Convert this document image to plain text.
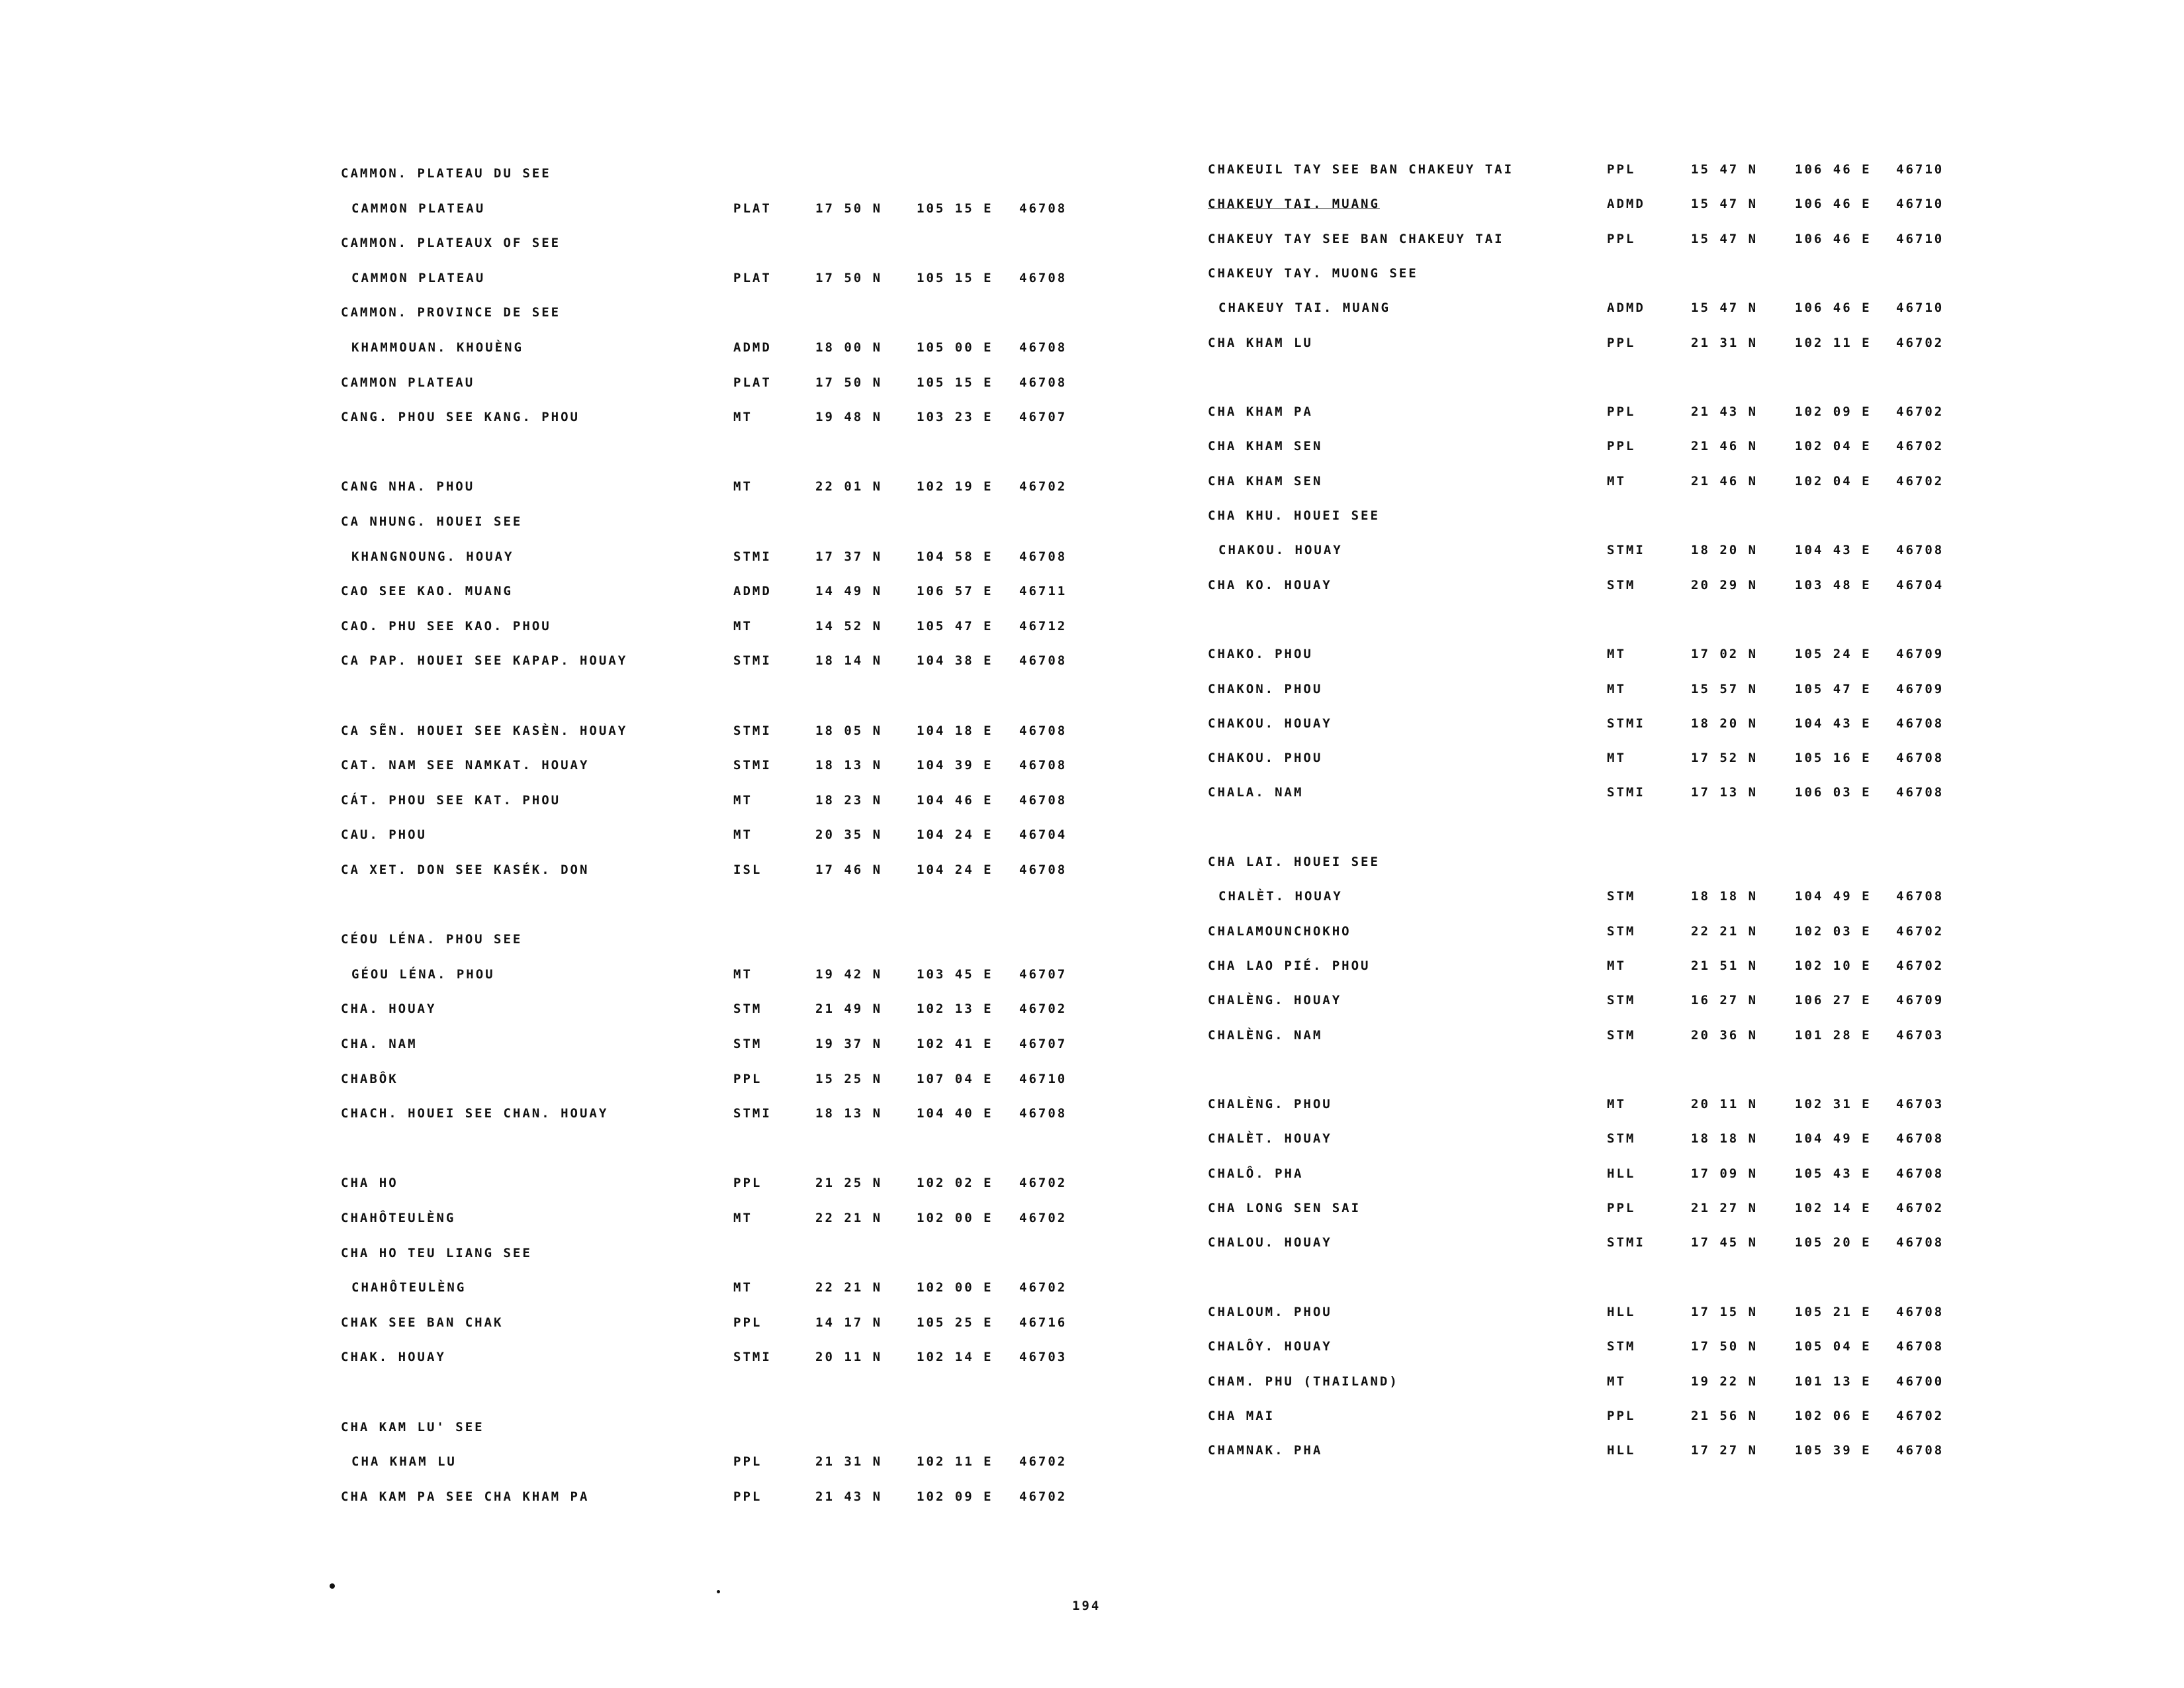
CAMMON. PLATEAU DU SEE
CAMMON PLATEAU	PLAT	17 50 N	105 15 E 46708
CAMMON. PLATEAUX OF SEE
CAMMON PLATEAU	PLAT	17 50 N	105 15 E 46708
CAMMON. PROVINCE DE SEE
KHAMMOUAN. KHOUÈNG	ADMD	18 00 N	105 00 E 46708
CAMMON PLATEAU	PLAT	17 50 N	105 15 E 46708
CANG. PHOU SEE KANG. PHOU	MT	19 48 N	103 23 E 46707
CANG NHA. PHOU	MT	22 01 N	102 19 E 46702
CA NHUNG. HOUEI SEE
KHANGNOUNG. HOUAY	STMI	17 37 N	104 58 E 46708
CAO SEE KAO. MUANG	ADMD	14 49 N	106 57 E 46711
CAO. PHU SEE KAO. PHOU	MT	14 52 N	105 47 E 46712
CA PAP. HOUEI SEE KAPAP. HOUAY	STMI	18 14 N	104 38 E 46708
CA SẼN. HOUEI SEE KASÈN. HOUAY	STMI	18 05 N	104 18 E 46708
CAT. NAM SEE NAMKAT. HOUAY	STMI	18 13 N	104 39 E 46708
CÁT. PHOU SEE KAT. PHOU	MT	18 23 N	104 46 E 46708
CAU. PHOU	MT	20 35 N	104 24 E 46704
CA XET. DON SEE KASÉK. DON	ISL	17 46 N	104 24 E 46708
CÉOU LÉNA. PHOU SEE
GÉOU LÉNA. PHOU	MT	19 42 N	103 45 E 46707
CHA. HOUAY	STM	21 49 N	102 13 E 46702
CHA. NAM	STM	19 37 N	102 41 E 46707
CHABÔK	PPL	15 25 N	107 04 E 46710
CHACH. HOUEI SEE CHAN. HOUAY	STMI	18 13 N	104 40 E 46708
CHA HO	PPL	21 25 N	102 02 E 46702
CHAHÔTEULÈNG	MT	22 21 N	102 00 E 46702
CHA HO TEU LIANG SEE
CHAHÔTEULÈNG	MT	22 21 N	102 00 E 46702
CHAK SEE BAN CHAK	PPL	14 17 N	105 25 E 46716
CHAK. HOUAY	STMI	20 11 N	102 14 E 46703
CHA KAM LU' SEE
CHA KHAM LU	PPL	21 31 N	102 11 E 46702
CHA KAM PA SEE CHA KHAM PA	PPL	21 43 N	102 09 E 46702
CHAKEUIL TAY SEE BAN CHAKEUY TAI	PPL	15 47 N	106 46 E 46710
CHAKEUY TAI. MUANG	ADMD	15 47 N	106 46 E 46710
CHAKEUY TAY SEE BAN CHAKEUY TAI	PPL	15 47 N	106 46 E 46710
CHAKEUY TAY. MUONG SEE
CHAKEUY TAI. MUANG	ADMD	15 47 N	106 46 E 46710
CHA KHAM LU	PPL	21 31 N	102 11 E 46702
CHA KHAM PA	PPL	21 43 N	102 09 E 46702
CHA KHAM SEN	PPL	21 46 N	102 04 E 46702
CHA KHAM SEN	MT	21 46 N	102 04 E 46702
CHA KHU. HOUEI SEE
CHAKOU. HOUAY	STMI	18 20 N	104 43 E 46708
CHA KO. HOUAY	STM	20 29 N	103 48 E 46704
CHAKO. PHOU	MT	17 02 N	105 24 E 46709
CHAKON. PHOU	MT	15 57 N	105 47 E 46709
CHAKOU. HOUAY	STMI	18 20 N	104 43 E 46708
CHAKOU. PHOU	MT	17 52 N	105 16 E 46708
CHALA. NAM	STMI	17 13 N	106 03 E 46708
CHA LAI. HOUEI SEE
CHALÈT. HOUAY	STM	18 18 N	104 49 E 46708
CHALAMOUNCHOKHO	STM	22 21 N	102 03 E 46702
CHA LAO PIÉ. PHOU	MT	21 51 N	102 10 E 46702
CHALÈNG. HOUAY	STM	16 27 N	106 27 E 46709
CHALÈNG. NAM	STM	20 36 N	101 28 E 46703
CHALÈNG. PHOU	MT	20 11 N	102 31 E 46703
CHALÈT. HOUAY	STM	18 18 N	104 49 E 46708
CHALÔ. PHA	HLL	17 09 N	105 43 E 46708
CHA LONG SEN SAI	PPL	21 27 N	102 14 E 46702
CHALOU. HOUAY	STMI	17 45 N	105 20 E 46708
CHALOUM. PHOU	HLL	17 15 N	105 21 E 46708
CHALÔY. HOUAY	STM	17 50 N	105 04 E 46708
CHAM. PHU (THAILAND)	MT	19 22 N	101 13 E 46700
CHA MAI	PPL	21 56 N	102 06 E 46702
CHAMNAK. PHA	HLL	17 27 N	105 39 E 46708
194
